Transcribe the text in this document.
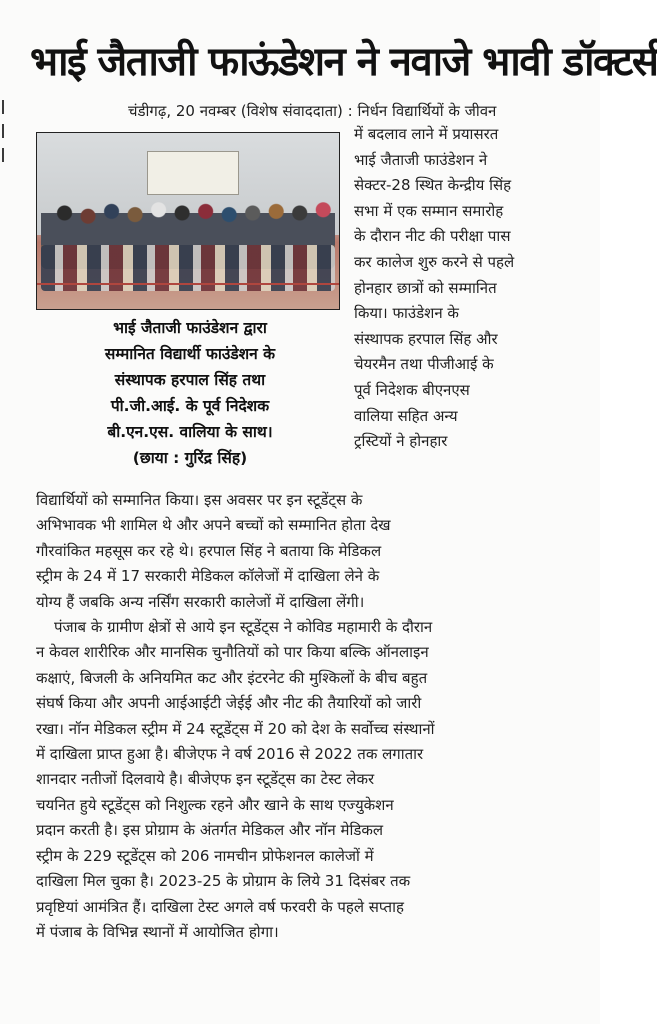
भाई जैताजी फाऊंडेशन ने नवाजे भावी डॉक्टर्स
चंडीगढ़, 20 नवम्बर (विशेष संवाददाता) : निर्धन विद्यार्थियों के जीवन
भाई जैताजी फाउंडेशन द्वारा
सम्मानित विद्यार्थी फाउंडेशन के
संस्थापक हरपाल सिंह तथा
पी.जी.आई. के पूर्व निदेशक
बी.एन.एस. वालिया के साथ।
(छाया : गुरिंद्र सिंह)
में बदलाव लाने में प्रयासरत
भाई जैताजी फाउंडेशन ने
सेक्टर-28 स्थित केन्द्रीय सिंह
सभा में एक सम्मान समारोह
के दौरान नीट की परीक्षा पास
कर कालेज शुरु करने से पहले
होनहार छात्रों को सम्मानित
किया। फाउंडेशन के
संस्थापक हरपाल सिंह और
चेयरमैन तथा पीजीआई के
पूर्व निदेशक बीएनएस
वालिया सहित अन्य
ट्रस्टियों ने होनहार
विद्यार्थियों को सम्मानित किया। इस अवसर पर इन स्टूडेंट्स के
अभिभावक भी शामिल थे और अपने बच्चों को सम्मानित होता देख
गौरवांकित महसूस कर रहे थे। हरपाल सिंह ने बताया कि मेडिकल
स्ट्रीम के 24 में 17 सरकारी मेडिकल कॉलेजों में दाखिला लेने के
योग्य हैं जबकि अन्य नर्सिंग सरकारी कालेजों में दाखिला लेंगी।
पंजाब के ग्रामीण क्षेत्रों से आये इन स्टूडेंट्स ने कोविड महामारी के दौरान
न केवल शारीरिक और मानसिक चुनौतियों को पार किया बल्कि ऑनलाइन
कक्षाएं, बिजली के अनियमित कट और इंटरनेट की मुश्किलों के बीच बहुत
संघर्ष किया और अपनी आईआईटी जेईई और नीट की तैयारियों को जारी
रखा। नॉन मेडिकल स्ट्रीम में 24 स्टूडेंट्स में 20 को देश के सर्वोच्च संस्थानों
में दाखिला प्राप्त हुआ है। बीजेएफ ने वर्ष 2016 से 2022 तक लगातार
शानदार नतीजों दिलवाये है। बीजेएफ इन स्टूडेंट्स का टेस्ट लेकर
चयनित हुये स्टूडेंट्स को निशुल्क रहने और खाने के साथ एज्युकेशन
प्रदान करती है। इस प्रोग्राम के अंतर्गत मेडिकल और नॉन मेडिकल
स्ट्रीम के 229 स्टूडेंट्स को 206 नामचीन प्रोफेशनल कालेजों में
दाखिला मिल चुका है। 2023-25 के प्रोग्राम के लिये 31 दिसंबर तक
प्रवृष्टियां आमंत्रित हैं। दाखिला टेस्ट अगले वर्ष फरवरी के पहले सप्ताह
में पंजाब के विभिन्न स्थानों में आयोजित होगा।
